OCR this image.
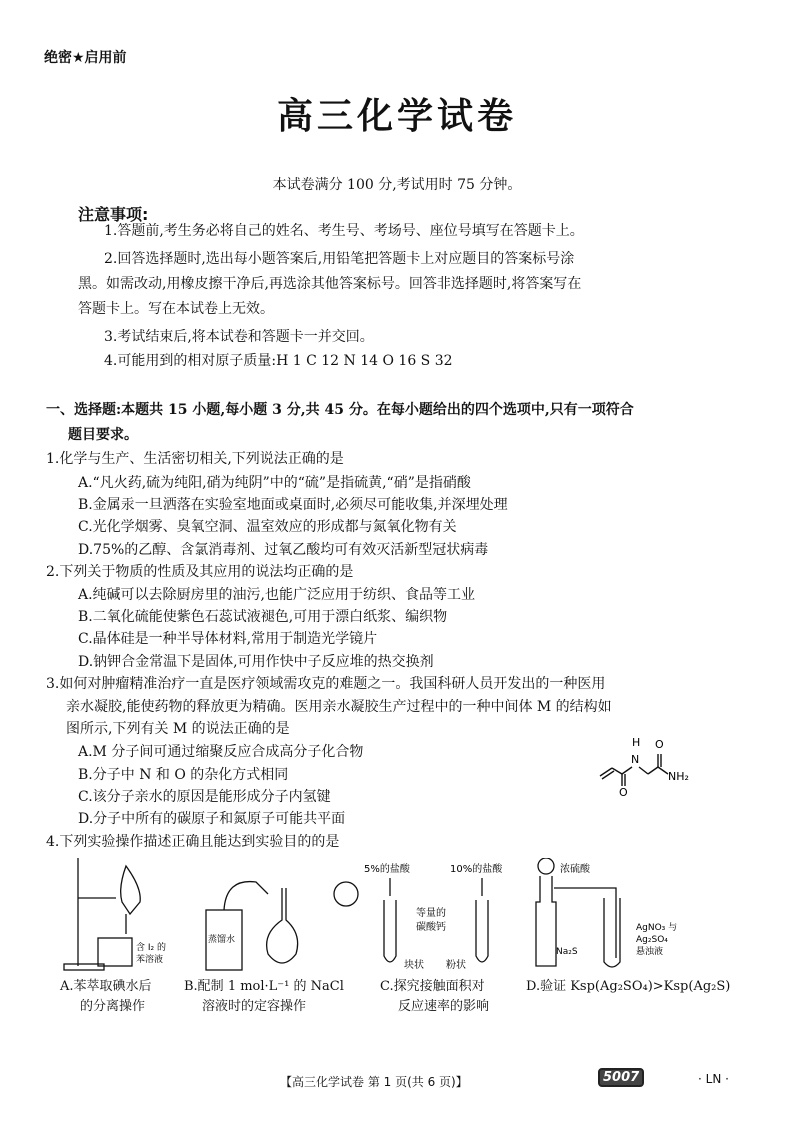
绝密★启用前
高三化学试卷
本试卷满分 100 分,考试用时 75 分钟。
注意事项:
1.答题前,考生务必将自己的姓名、考生号、考场号、座位号填写在答题卡上。
2.回答选择题时,选出每小题答案后,用铅笔把答题卡上对应题目的答案标号涂
黑。如需改动,用橡皮擦干净后,再选涂其他答案标号。回答非选择题时,将答案写在
答题卡上。写在本试卷上无效。
3.考试结束后,将本试卷和答题卡一并交回。
4.可能用到的相对原子质量:H 1 C 12 N 14 O 16 S 32
一、选择题:本题共 15 小题,每小题 3 分,共 45 分。在每小题给出的四个选项中,只有一项符合
题目要求。
1.化学与生产、生活密切相关,下列说法正确的是
A.“凡火药,硫为纯阳,硝为纯阴”中的“硫”是指硫黄,“硝”是指硝酸
B.金属汞一旦洒落在实验室地面或桌面时,必须尽可能收集,并深埋处理
C.光化学烟雾、臭氧空洞、温室效应的形成都与氮氧化物有关
D.75%的乙醇、含氯消毒剂、过氧乙酸均可有效灭活新型冠状病毒
2.下列关于物质的性质及其应用的说法均正确的是
A.纯碱可以去除厨房里的油污,也能广泛应用于纺织、食品等工业
B.二氧化硫能使紫色石蕊试液褪色,可用于漂白纸浆、编织物
C.晶体硅是一种半导体材料,常用于制造光学镜片
D.钠钾合金常温下是固体,可用作快中子反应堆的热交换剂
3.如何对肿瘤精准治疗一直是医疗领域需攻克的难题之一。我国科研人员开发出的一种医用
亲水凝胶,能使药物的释放更为精确。医用亲水凝胶生产过程中的一种中间体 M 的结构如
图所示,下列有关 M 的说法正确的是
A.M 分子间可通过缩聚反应合成高分子化合物
B.分子中 N 和 O 的杂化方式相同
C.该分子亲水的原因是能形成分子内氢键
D.分子中所有的碳原子和氮原子可能共平面
H
N
O
O
NH₂
4.下列实验操作描述正确且能达到实验目的的是
含 I₂ 的
苯溶液
蒸馏水
5%的盐酸	10%的盐酸
等量的
碳酸钙
块状 粉状
浓硫酸
Na₂S
AgNO₃ 与
Ag₂SO₄
悬浊液
A.苯萃取碘水后
的分离操作
B.配制 1 mol·L⁻¹ 的 NaCl
溶液时的定容操作
C.探究接触面积对
反应速率的影响
D.验证 Ksp(Ag₂SO₄)>Ksp(Ag₂S)
【高三化学试卷 第 1 页(共 6 页)】	5007	· LN ·
